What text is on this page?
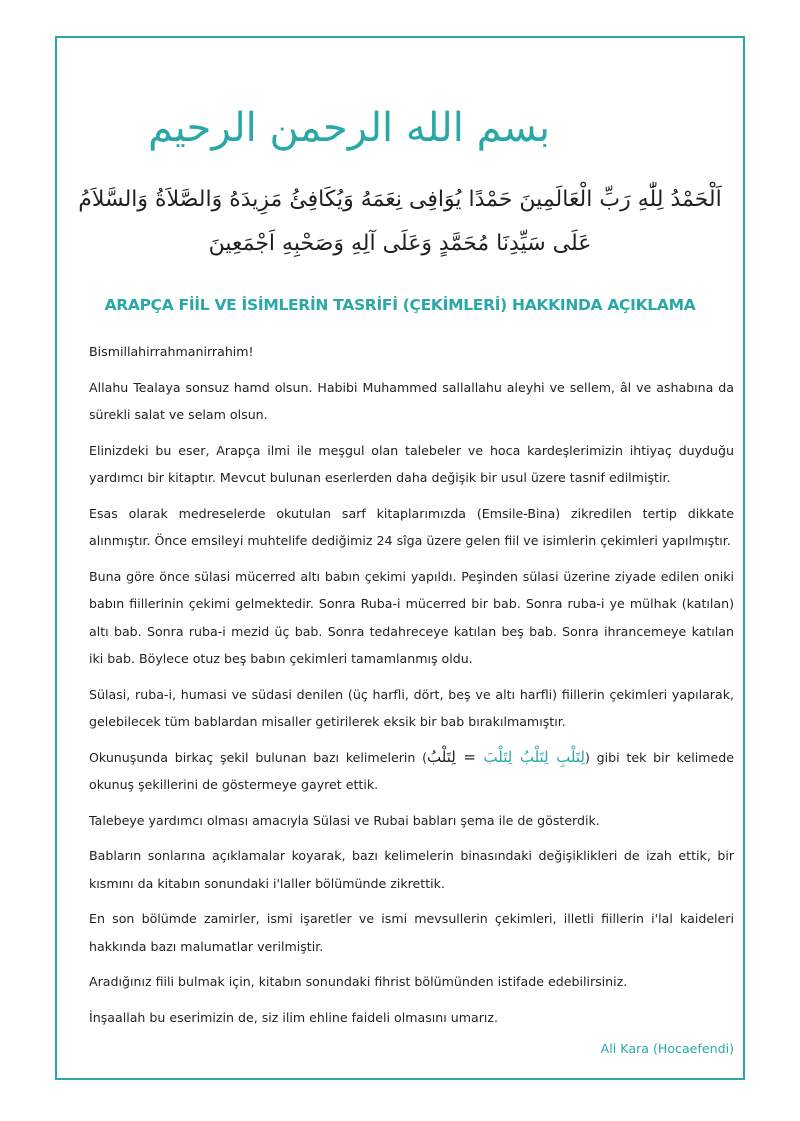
بسم الله الرحمن الرحيم
اَلْحَمْدُ لِلّٰهِ رَبِّ الْعَالَمِينَ حَمْدًا يُوَافِى نِعَمَهُ وَيُكَافِئُ مَزِيدَهُ وَالصَّلاَةُ وَالسَّلاَمُ عَلَى سَيِّدِنَا مُحَمَّدٍ وَعَلَى آلِهِ وَصَحْبِهِ اَجْمَعِينَ
ARAPÇA FİİL VE İSİMLERİN TASRİFİ (ÇEKİMLERİ) HAKKINDA AÇIKLAMA

Bismillahirrahmanirrahim!

Allahu Tealaya sonsuz hamd olsun. Habibi Muhammed sallallahu aleyhi ve sellem, âl ve ashabına da sürekli salat ve selam olsun.

Elinizdeki bu eser, Arapça ilmi ile meşgul olan talebeler ve hoca kardeşlerimizin ihtiyaç duyduğu yardımcı bir kitaptır. Mevcut bulunan eserlerden daha değişik bir usul üzere tasnif edilmiştir.

Esas olarak medreselerde okutulan sarf kitaplarımızda (Emsile-Bina) zikredilen tertip dikkate alınmıştır. Önce emsileyi muhtelife dediğimiz 24 sîga üzere gelen fiil ve isimlerin çekimleri yapılmıştır.

Buna göre önce sülasi mücerred altı babın çekimi yapıldı. Peşinden sülasi üzerine ziyade edilen oniki babın fiillerinin çekimi gelmektedir. Sonra Ruba-i mücerred bir bab. Sonra ruba-i ye mülhak (katılan) altı bab. Sonra ruba-i mezid üç bab. Sonra tedahreceye katılan beş bab. Sonra ihrancemeye katılan iki bab. Böylece otuz beş babın çekimleri tamamlanmış oldu.

Sülasi, ruba-i, humasi ve südasi denilen (üç harfli, dört, beş ve altı harfli) fiillerin çekimleri yapılarak, gelebilecek tüm bablardan misaller getirilerek eksik bir bab bırakılmamıştır.

Okunuşunda birkaç şekil bulunan bazı kelimelerin (	لِتَلْبِ لِتَلْبُ لِتَلْبَ = لِتَلْبُ	) gibi tek bir kelimede okunuş şekillerini de göstermeye gayret ettik.

Talebeye yardımcı olması amacıyla Sülasi ve Rubai babları şema ile de gösterdik.

Babların sonlarına açıklamalar koyarak, bazı kelimelerin binasındaki değişiklikleri de izah ettik, bir kısmını da kitabın sonundaki i'laller bölümünde zikrettik.

En son bölümde zamirler, ismi işaretler ve ismi mevsullerin çekimleri, illetli fiillerin i'lal kaideleri hakkında bazı malumatlar verilmiştir.

Aradığınız fiili bulmak için, kitabın sonundaki fihrist bölümünden istifade edebilirsiniz.

İnşaallah bu eserimizin de, siz ilim ehline faideli olmasını umarız.

Ali Kara (Hocaefendi)
